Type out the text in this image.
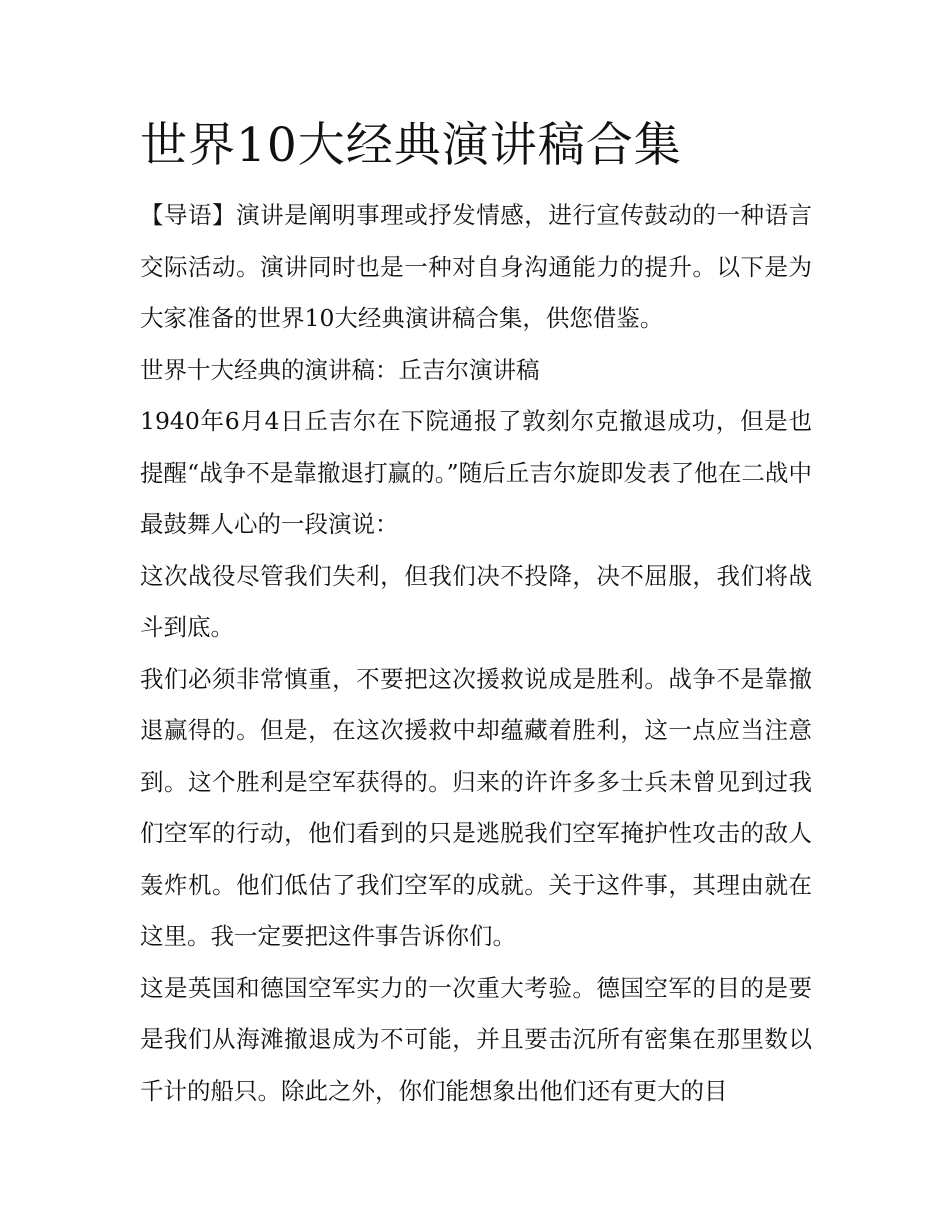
世界10大经典演讲稿合集

【导语】演讲是阐明事理或抒发情感，进行宣传鼓动的一种语言交际活动。演讲同时也是一种对自身沟通能力的提升。以下是为大家准备的世界10大经典演讲稿合集，供您借鉴。

世界十大经典的演讲稿：丘吉尔演讲稿

1940年6月4日丘吉尔在下院通报了敦刻尔克撤退成功，但是也提醒“战争不是靠撤退打赢的。”随后丘吉尔旋即发表了他在二战中最鼓舞人心的一段演说：

这次战役尽管我们失利，但我们决不投降，决不屈服，我们将战斗到底。

我们必须非常慎重，不要把这次援救说成是胜利。战争不是靠撤退赢得的。但是，在这次援救中却蕴藏着胜利，这一点应当注意到。这个胜利是空军获得的。归来的许许多多士兵未曾见到过我们空军的行动，他们看到的只是逃脱我们空军掩护性攻击的敌人轰炸机。他们低估了我们空军的成就。关于这件事，其理由就在这里。我一定要把这件事告诉你们。

这是英国和德国空军实力的一次重大考验。德国空军的目的是要是我们从海滩撤退成为不可能，并且要击沉所有密集在那里数以千计的船只。除此之外，你们能想象出他们还有更大的目
